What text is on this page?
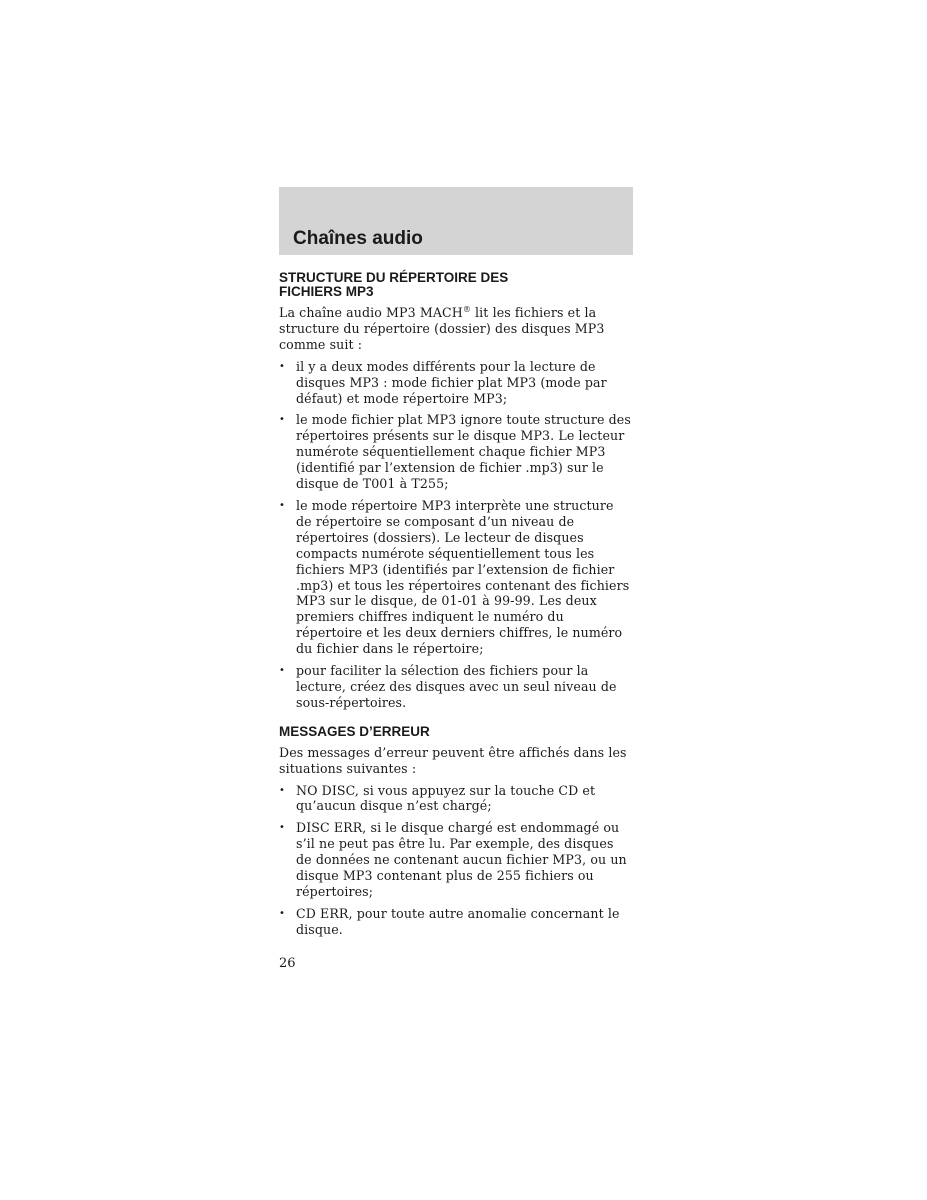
Chaînes audio
STRUCTURE DU RÉPERTOIRE DES
FICHIERS MP3

La chaîne audio MP3 MACH® lit les fichiers et la structure du répertoire (dossier) des disques MP3 comme suit :

• il y a deux modes différents pour la lecture de disques MP3 : mode fichier plat MP3 (mode par défaut) et mode répertoire MP3;
• le mode fichier plat MP3 ignore toute structure des répertoires présents sur le disque MP3. Le lecteur numérote séquentiellement chaque fichier MP3 (identifié par l’extension de fichier .mp3) sur le disque de T001 à T255;
• le mode répertoire MP3 interprète une structure de répertoire se composant d’un niveau de répertoires (dossiers). Le lecteur de disques compacts numérote séquentiellement tous les fichiers MP3 (identifiés par l’extension de fichier .mp3) et tous les répertoires contenant des fichiers MP3 sur le disque, de 01-01 à 99-99. Les deux premiers chiffres indiquent le numéro du répertoire et les deux derniers chiffres, le numéro du fichier dans le répertoire;
• pour faciliter la sélection des fichiers pour la lecture, créez des disques avec un seul niveau de sous-répertoires.
MESSAGES D’ERREUR

Des messages d’erreur peuvent être affichés dans les situations suivantes :

• NO DISC, si vous appuyez sur la touche CD et qu’aucun disque n’est chargé;
• DISC ERR, si le disque chargé est endommagé ou s’il ne peut pas être lu. Par exemple, des disques de données ne contenant aucun fichier MP3, ou un disque MP3 contenant plus de 255 fichiers ou répertoires;
• CD ERR, pour toute autre anomalie concernant le disque.

26
